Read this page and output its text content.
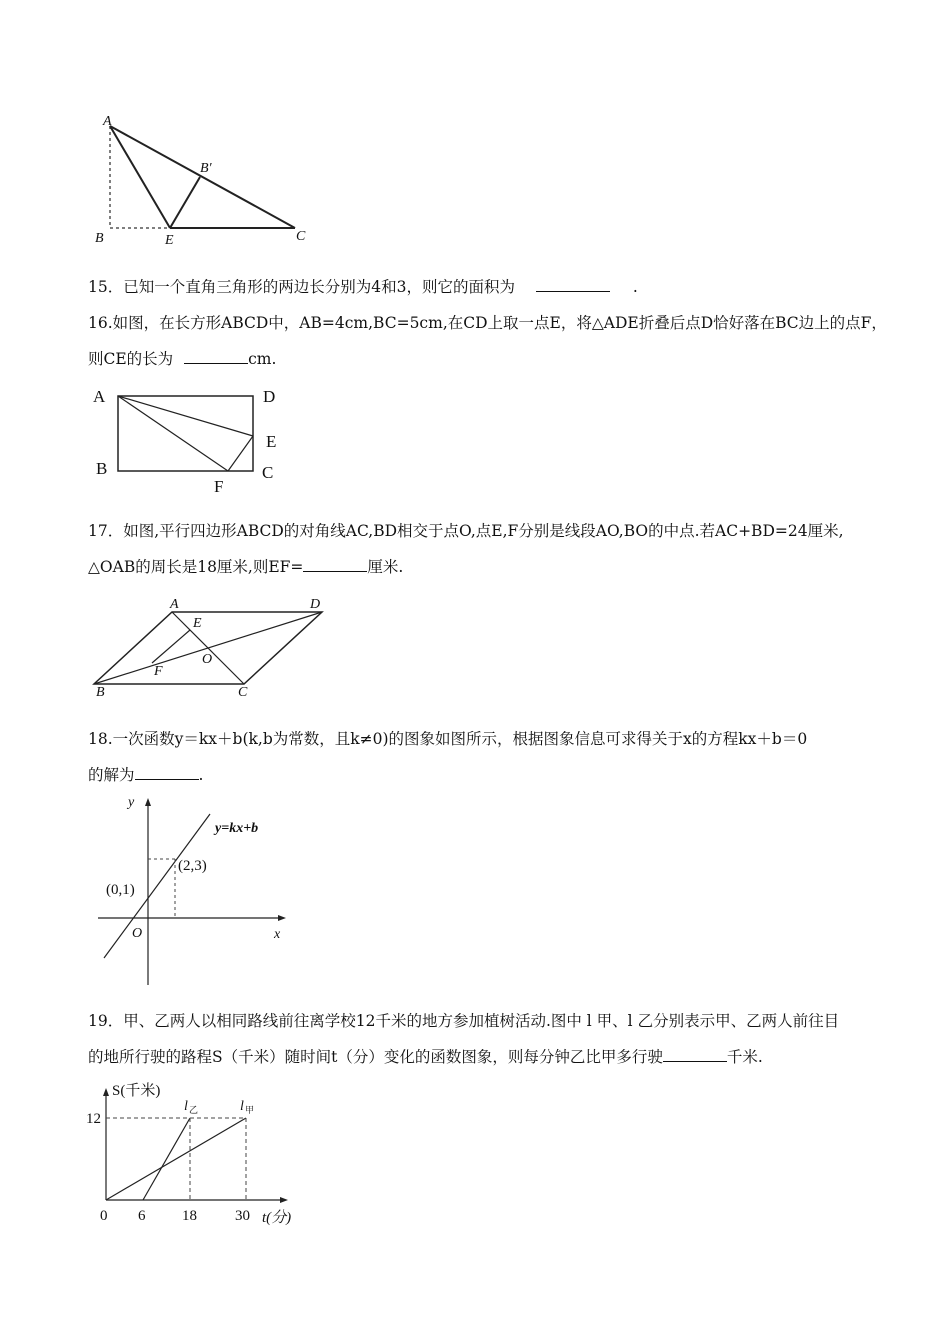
A
B′
B	E	C
15．已知一个直角三角形的两边长分别为4和3，则它的面积为	.
16.如图，在长方形ABCD中，AB=4cm,BC=5cm,在CD上取一点E，将△ADE折叠后点D恰好落在BC边上的点F，
则CE的长为	cm.
A	D
E
B	C
F
17．如图,平行四边形ABCD的对角线AC,BD相交于点O,点E,F分别是线段AO,BO的中点.若AC+BD=24厘米,
△OAB的周长是18厘米,则EF=	厘米.
A	D
E
O
F
B	C
18.一次函数y＝kx＋b(k,b为常数，且k≠0)的图象如图所示，根据图象信息可求得关于x的方程kx＋b＝0
的解为	.
y
y=kx+b
(2,3)
(0,1)
O	x
19．甲、乙两人以相同路线前往离学校12千米的地方参加植树活动.图中 l 甲、l 乙分别表示甲、乙两人前往目
的地所行驶的路程S（千米）随时间t（分）变化的函数图象，则每分钟乙比甲多行驶	千米.
S(千米)
l 乙	l 甲
12
0 6 18	30 t(分)
